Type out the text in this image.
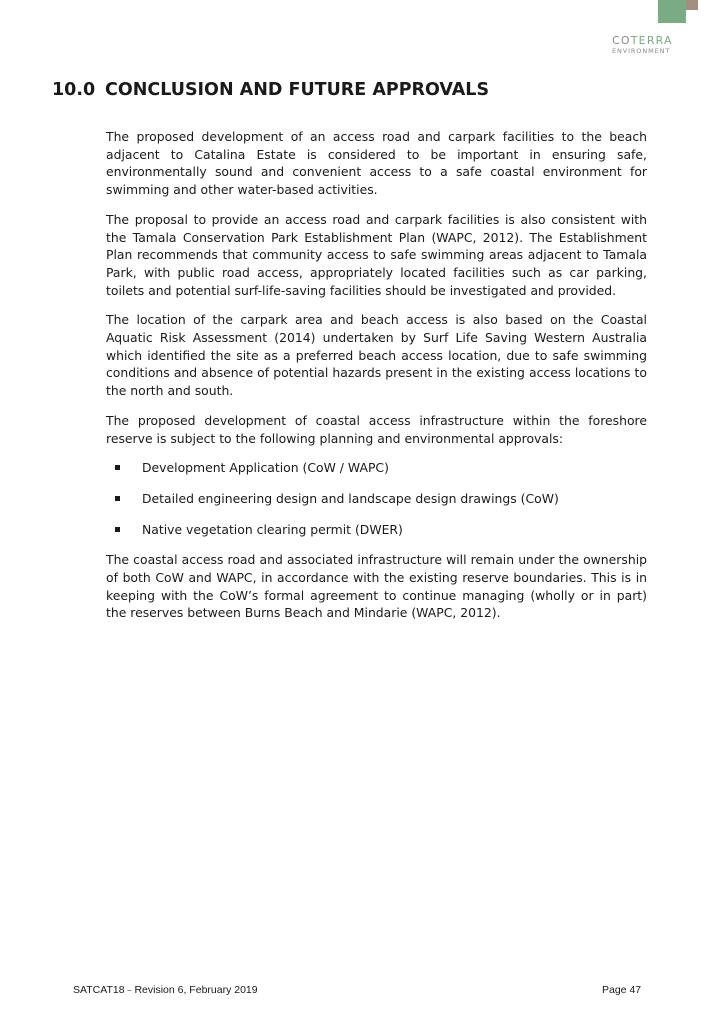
COTERRA
ENVIRONMENT
10.0 CONCLUSION AND FUTURE APPROVALS

The proposed development of an access road and carpark facilities to the beach adjacent to Catalina Estate is considered to be important in ensuring safe, environmentally sound and convenient access to a safe coastal environment for swimming and other water-based activities.

The proposal to provide an access road and carpark facilities is also consistent with the Tamala Conservation Park Establishment Plan (WAPC, 2012). The Establishment Plan recommends that community access to safe swimming areas adjacent to Tamala Park, with public road access, appropriately located facilities such as car parking, toilets and potential surf-life-saving facilities should be investigated and provided.

The location of the carpark area and beach access is also based on the Coastal Aquatic Risk Assessment (2014) undertaken by Surf Life Saving Western Australia which identified the site as a preferred beach access location, due to safe swimming conditions and absence of potential hazards present in the existing access locations to the north and south.

The proposed development of coastal access infrastructure within the foreshore reserve is subject to the following planning and environmental approvals:

Development Application (CoW / WAPC)
Detailed engineering design and landscape design drawings (CoW)
Native vegetation clearing permit (DWER)

The coastal access road and associated infrastructure will remain under the ownership of both CoW and WAPC, in accordance with the existing reserve boundaries. This is in keeping with the CoW’s formal agreement to continue managing (wholly or in part) the reserves between Burns Beach and Mindarie (WAPC, 2012).

SATCAT18 – Revision 6, February 2019	Page 47
